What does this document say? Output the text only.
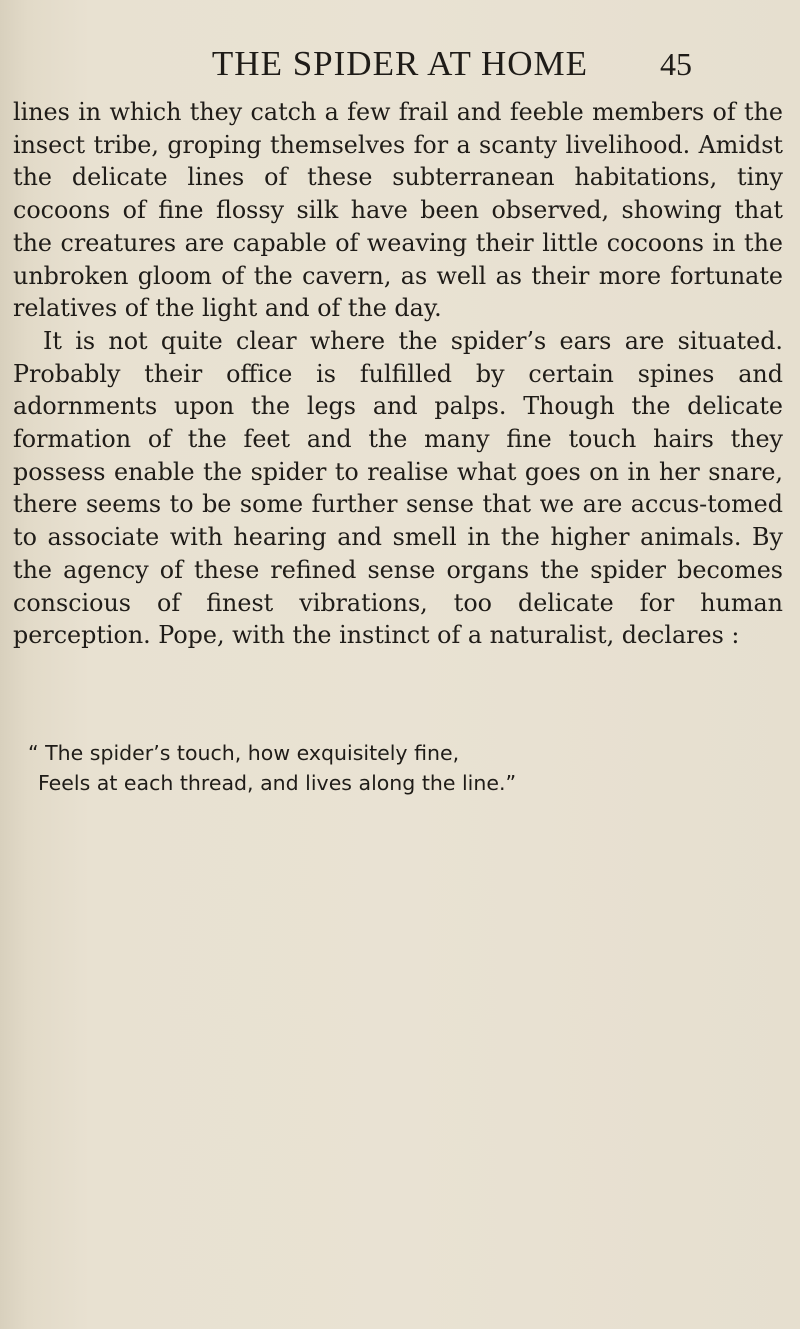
THE SPIDER AT HOME	45

lines in which they catch a few frail and feeble members of the insect tribe, groping themselves for a scanty livelihood. Amidst the delicate lines of these subterranean habitations, tiny cocoons of fine flossy silk have been observed, showing that the creatures are capable of weaving their little cocoons in the unbroken gloom of the cavern, as well as their more fortunate relatives of the light and of the day.

It is not quite clear where the spider’s ears are situated. Probably their office is fulfilled by certain spines and adornments upon the legs and palps. Though the delicate formation of the feet and the many fine touch hairs they possess enable the spider to realise what goes on in her snare, there seems to be some further sense that we are accus-tomed to associate with hearing and smell in the higher animals. By the agency of these refined sense organs the spider becomes conscious of finest vibrations, too delicate for human perception. Pope, with the instinct of a naturalist, declares :

“ The spider’s touch, how exquisitely fine,
Feels at each thread, and lives along the line.”
